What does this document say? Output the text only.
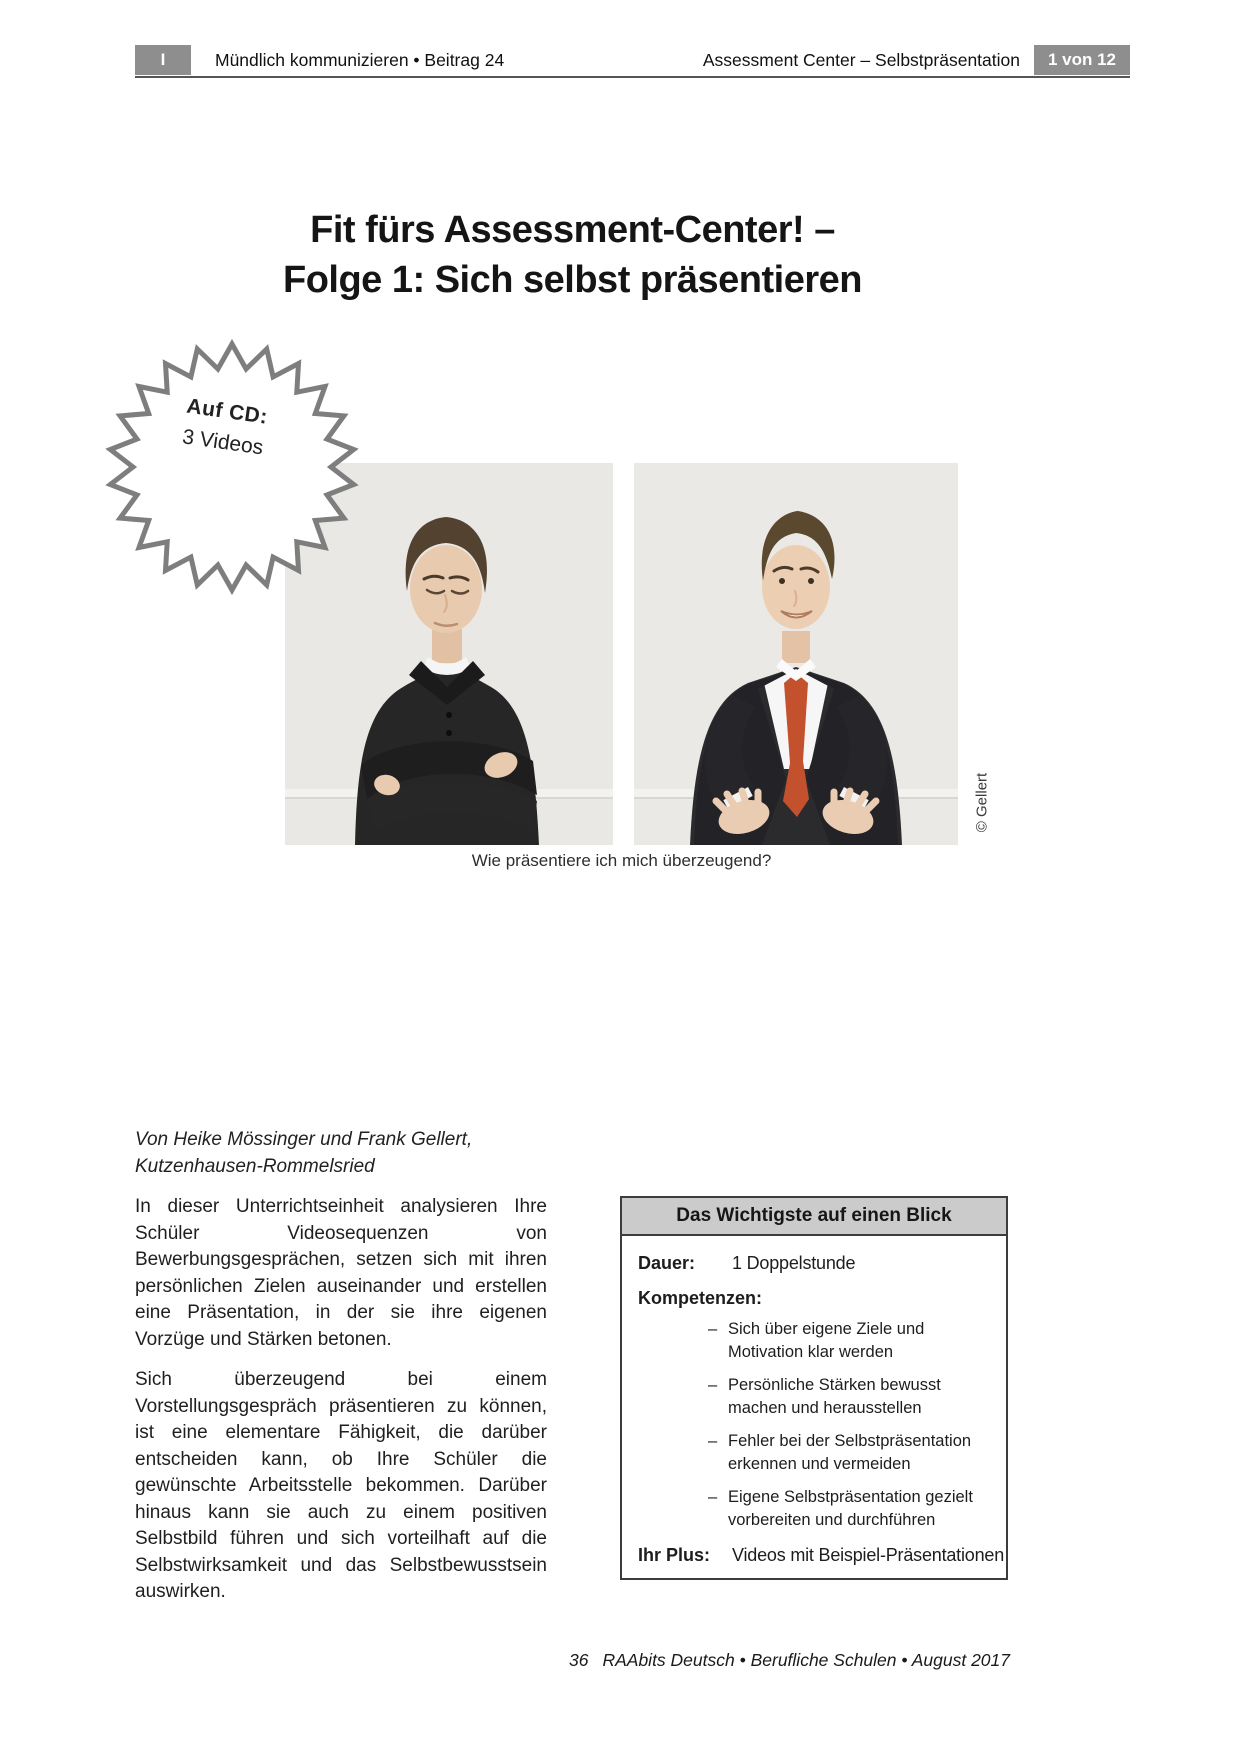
I	Mündlich kommunizieren • Beitrag 24	Assessment Center – Selbstpräsentation	1 von 12
Fit fürs Assessment-Center! –
Folge 1: Sich selbst präsentieren
Wie präsentiere ich mich überzeugend?
© Gellert
Auf CD:
3 Videos
Von Heike Mössinger und Frank Gellert,
Kutzenhausen-Rommelsried

In dieser Unterrichtseinheit analysieren Ihre Schüler Videosequenzen von Bewerbungsgesprächen, setzen sich mit ihren persönlichen Zielen auseinander und erstellen eine Präsentation, in der sie ihre eigenen Vorzüge und Stärken betonen.

Sich überzeugend bei einem Vorstellungsgespräch präsentieren zu können, ist eine elementare Fähigkeit, die darüber entscheiden kann, ob Ihre Schüler die gewünschte Arbeitsstelle bekommen. Darüber hinaus kann sie auch zu einem positiven Selbstbild führen und sich vorteilhaft auf die Selbstwirksamkeit und das Selbstbewusstsein auswirken.

Das Wichtigste auf einen Blick
Dauer:	1 Doppelstunde
Kompetenzen:
– Sich über eigene Ziele und Motivation klar werden
– Persönliche Stärken bewusst machen und herausstellen
– Fehler bei der Selbstpräsentation erkennen und vermeiden
– Eigene Selbstpräsentation gezielt vorbereiten und durchführen
Ihr Plus:	Videos mit Beispiel-Präsentationen
36 RAAbits Deutsch • Berufliche Schulen • August 2017
